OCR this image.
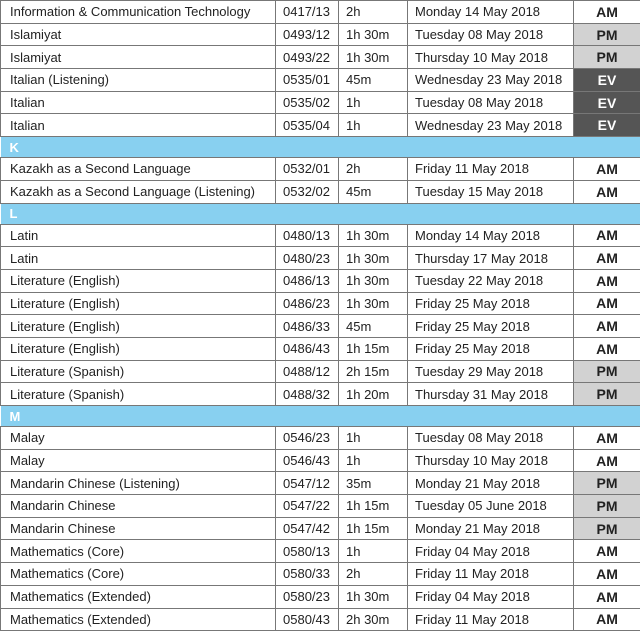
Information & Communication Technology	0417/13	2h	Monday 14 May 2018	AM
Islamiyat	0493/12	1h 30m	Tuesday 08 May 2018	PM
Islamiyat	0493/22	1h 30m	Thursday 10 May 2018	PM
Italian (Listening)	0535/01	45m	Wednesday 23 May 2018	EV
Italian	0535/02	1h	Tuesday 08 May 2018	EV
Italian	0535/04	1h	Wednesday 23 May 2018	EV
K				
Kazakh as a Second Language	0532/01	2h	Friday 11 May 2018	AM
Kazakh as a Second Language (Listening)	0532/02	45m	Tuesday 15 May 2018	AM
L				
Latin	0480/13	1h 30m	Monday 14 May 2018	AM
Latin	0480/23	1h 30m	Thursday 17 May 2018	AM
Literature (English)	0486/13	1h 30m	Tuesday 22 May 2018	AM
Literature (English)	0486/23	1h 30m	Friday 25 May 2018	AM
Literature (English)	0486/33	45m	Friday 25 May 2018	AM
Literature (English)	0486/43	1h 15m	Friday 25 May 2018	AM
Literature (Spanish)	0488/12	2h 15m	Tuesday 29 May 2018	PM
Literature (Spanish)	0488/32	1h 20m	Thursday 31 May 2018	PM
M				
Malay	0546/23	1h	Tuesday 08 May 2018	AM
Malay	0546/43	1h	Thursday 10 May 2018	AM
Mandarin Chinese (Listening)	0547/12	35m	Monday 21 May 2018	PM
Mandarin Chinese	0547/22	1h 15m	Tuesday 05 June 2018	PM
Mandarin Chinese	0547/42	1h 15m	Monday 21 May 2018	PM
Mathematics (Core)	0580/13	1h	Friday 04 May 2018	AM
Mathematics (Core)	0580/33	2h	Friday 11 May 2018	AM
Mathematics (Extended)	0580/23	1h 30m	Friday 04 May 2018	AM
Mathematics (Extended)	0580/43	2h 30m	Friday 11 May 2018	AM
